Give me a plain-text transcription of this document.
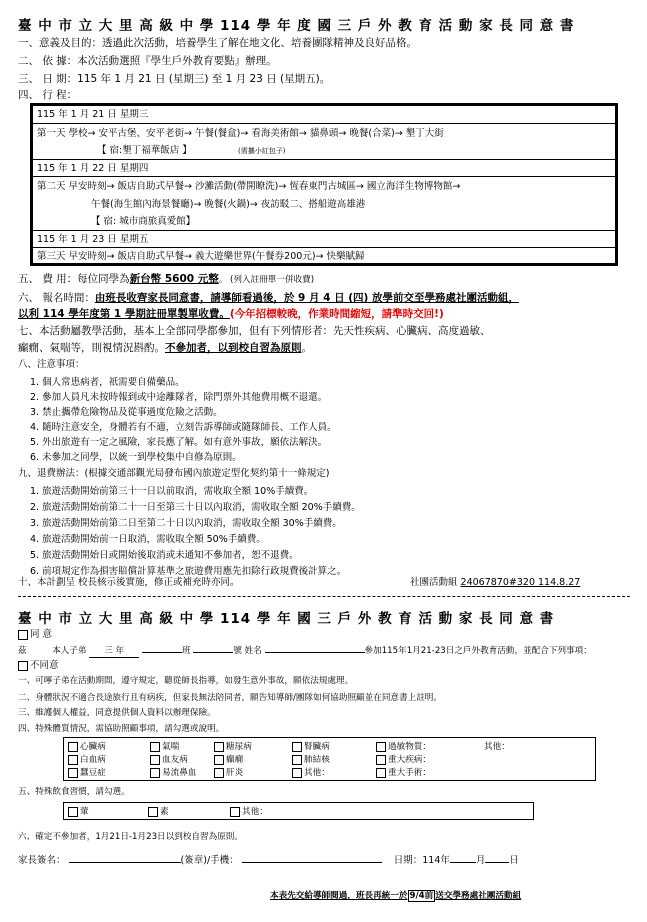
臺 中 市 立 大 里 高 級 中 學 114 學 年 度 國 三 戶 外 教 育 活 動 家 長 同 意 書
一、意義及目的：透過此次活動，培養學生了解在地文化、培養團隊精神及良好品格。
二、 依 據：本次活動選照『學生戶外教育要點』辦理。
三、 日 期：115 年 1 月 21 日 (星期三) 至 1 月 23 日 (星期五)。
四、 行 程：
115 年 1 月 21 日 星期三
第一天 學校→ 安平古堡、安平老街→ 午餐(餐盒)→ 看海美術館→ 貓鼻頭→ 晚餐(合菜)→ 墾丁大街
【 宿:墾丁福華飯店 】	(需攜小紅包子)
115 年 1 月 22 日 星期四
第二天 早安時刻→ 飯店自助式早餐→ 沙灘活動(帶開瞭洗)→ 恆春東門古城區→ 國立海洋生物博物館→
午餐(海生館內海景餐廳)→ 晚餐(火鍋)→ 夜訪駁二、搭船遊高雄港
【 宿: 城市商旅真愛館】
115 年 1 月 23 日 星期五
第三天 早安時刻→ 飯店自助式早餐→ 義大遊樂世界(午餐券200元)→ 快樂賦歸
五、 費 用：每位同學為新台幣 5600 元整。 (列入註冊單一併收費)
六、 報名時間：由班長收齊家長同意書，請導師看過後，於 9 月 4 日 (四) 放學前交至學務處社團活動組，
以利 114 學年度第 1 學期註冊單製單收費。(今年招標較晚，作業時間縮短，請準時交回!)
七、本活動屬教學活動，基本上全部同學都參加，但有下列情形者：先天性疾病、心臟病、高度過敏、
癲癇、氣喘等，則視情況斟酌。不參加者，以到校自習為原則。
八、注意事項：
1. 個人常患病者，祇需要自備藥品。
2. 參加人員凡未按時報到或中途離隊者，除門票外其他費用概不退還。
3. 禁止攜帶危險物品及從事過度危險之活動。
4. 隨時注意安全，身體若有不適，立刻告訴導師或隨隊師長、工作人員。
5. 外出旅遊有一定之風險，家長應了解。如有意外事故，願依法解決。
6. 未參加之同學，以統一到學校集中自修為原則。
九、退費辦法：(根據交通部觀光局發布國內旅遊定型化契約第十一條規定)
1. 旅遊活動開始前第三十一日以前取消，需收取全額 10%手續費。
2. 旅遊活動開始前第二十一日至第三十日以內取消，需收取全額 20%手續費。
3. 旅遊活動開始前第二日至第二十日以內取消，需收取全額 30%手續費。
4. 旅遊活動開始前一日取消，需收取全額 50%手續費。
5. 旅遊活動開始日或開始後取消或未通知不參加者，恕不退費。
6. 前項規定作為損害賠償計算基準之旅遊費用應先扣除行政規費後計算之。
十、本計劃呈 校長核示後實施，修正或補充時亦同。	社團活動組 24067870#320 114.8.27
臺 中 市 立 大 里 高 級 中 學 114 學 年 國 三 戶 外 教 育 活 動 家 長 同 意 書
同 意
茲	本人子弟 三 年	班	號 姓名	參加115年1月21-23日之戶外教育活動，並配合下列事項：
不同意
一、可嚀子弟在活動期間，遵守規定，聽從師長指導，如發生意外事故，願依法規處理。
二、身體狀況不適合長途旅行且有病疾，但家長無法陪同者，願告知導師/團隊如何協助照顧並在同意書上註明。
三、維護個人權益，同意提供個人資料以辦理保險。
四、特殊體質情況，需協助照顧事項，請勾選或說明。
心臟病	氣喘	糖尿病	腎臟病	過敏物質：	其他：
白血病	血友病	癲癇	肺結核	重大疾病：
蠶豆症	易流鼻血	肝炎	其他：	重大手術：
五、特殊飲食習慣，請勾選。
葷	素	其他：
六、確定不參加者，1月21日-1月23日以到校自習為原則。
家長簽名：	(簽章)/手機：	日期：114年	月	日
本表先交給導師閱過，班長再統一於 9/4前 送交學務處社團活動組
